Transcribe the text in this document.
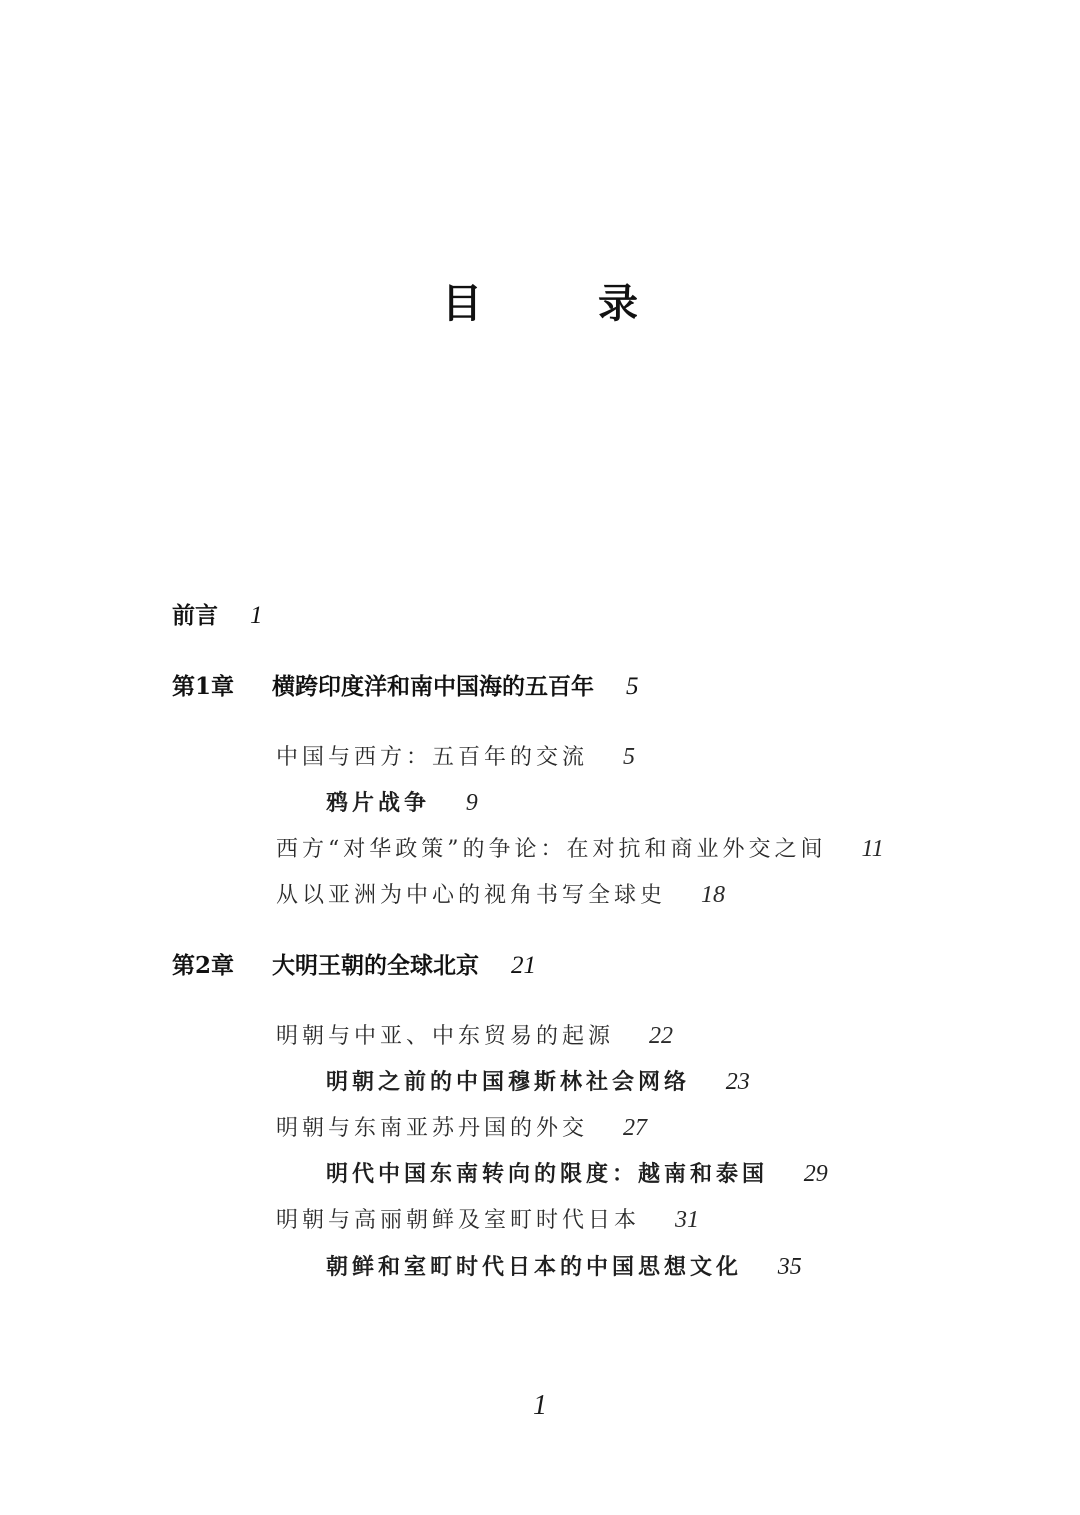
目　录
前言 1
第1章 横跨印度洋和南中国海的五百年 5
中国与西方：五百年的交流 5
鸦片战争 9
西方“对华政策”的争论：在对抗和商业外交之间 11
从以亚洲为中心的视角书写全球史 18
第2章 大明王朝的全球北京 21
明朝与中亚、中东贸易的起源 22
明朝之前的中国穆斯林社会网络 23
明朝与东南亚苏丹国的外交 27
明代中国东南转向的限度：越南和泰国 29
明朝与高丽朝鲜及室町时代日本 31
朝鲜和室町时代日本的中国思想文化 35
1
